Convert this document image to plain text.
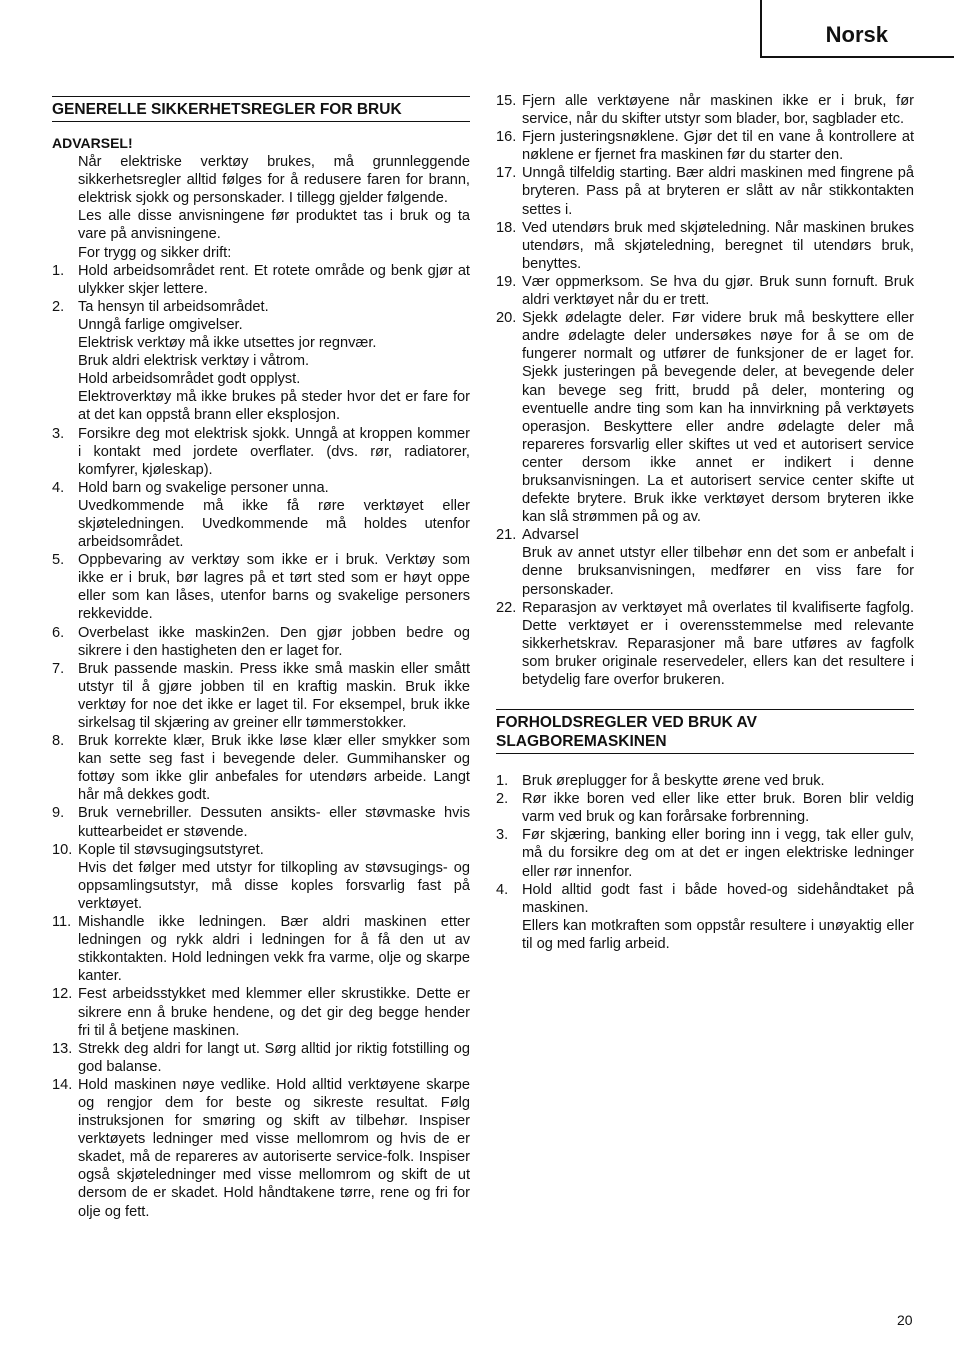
Norsk
GENERELLE SIKKERHETSREGLER FOR BRUK
ADVARSEL!
Når elektriske verktøy brukes, må grunnleggende sikkerhetsregler alltid følges for å redusere faren for brann, elektrisk sjokk og personskader. I tillegg gjelder følgende.
Les alle disse anvisningene før produktet tas i bruk og ta vare på anvisningene.
For trygg og sikker drift:
1. Hold arbeidsområdet rent. Et rotete område og benk gjør at ulykker skjer lettere.
2. Ta hensyn til arbeidsområdet.
Unngå farlige omgivelser.
Elektrisk verktøy må ikke utsettes jor regnvær.
Bruk aldri elektrisk verktøy i våtrom.
Hold arbeidsområdet godt opplyst.
Elektroverktøy må ikke brukes på steder hvor det er fare for at det kan oppstå brann eller eksplosjon.
3. Forsikre deg mot elektrisk sjokk. Unngå at kroppen kommer i kontakt med jordete overflater. (dvs. rør, radiatorer, komfyrer, kjøleskap).
4. Hold barn og svakelige personer unna.
Uvedkommende må ikke få røre verktøyet eller skjøteledningen. Uvedkommende må holdes utenfor arbeidsområdet.
5. Oppbevaring av verktøy som ikke er i bruk. Verktøy som ikke er i bruk, bør lagres på et tørt sted som er høyt oppe eller som kan låses, utenfor barns og svakelige personers rekkevidde.
6. Overbelast ikke maskin2en. Den gjør jobben bedre og sikrere i den hastigheten den er laget for.
7. Bruk passende maskin. Press ikke små maskin eller smått utstyr til å gjøre jobben til en kraftig maskin. Bruk ikke verktøy for noe det ikke er laget til. For eksempel, bruk ikke sirkelsag til skjæring av greiner ellr tømmerstokker.
8. Bruk korrekte klær, Bruk ikke løse klær eller smykker som kan sette seg fast i bevegende deler. Gummihansker og fottøy som ikke glir anbefales for utendørs arbeide. Langt hår må dekkes godt.
9. Bruk vernebriller. Dessuten ansikts- eller støvmaske hvis kuttearbeidet er støvende.
10. Kople til støvsugingsutstyret.
Hvis det følger med utstyr for tilkopling av støvsugings- og oppsamlingsutstyr, må disse koples forsvarlig fast på verktøyet.
11. Mishandle ikke ledningen. Bær aldri maskinen etter ledningen og rykk aldri i ledningen for å få den ut av stikkontakten. Hold ledningen vekk fra varme, olje og skarpe kanter.
12. Fest arbeidsstykket med klemmer eller skrustikke. Dette er sikrere enn å bruke hendene, og det gir deg begge hender fri til å betjene maskinen.
13. Strekk deg aldri for langt ut. Sørg alltid jor riktig fotstilling og god balanse.
14. Hold maskinen nøye vedlike. Hold alltid verktøyene skarpe og rengjor dem for beste og sikreste resultat. Følg instruksjonen for smøring og skift av tilbehør. Inspiser verktøyets ledninger med visse mellomrom og hvis de er skadet, må de repareres av autoriserte service-folk. Inspiser også skjøteledninger med visse mellomrom og skift de ut dersom de er skadet. Hold håndtakene tørre, rene og fri for olje og fett.
15. Fjern alle verktøyene når maskinen ikke er i bruk, før service, når du skifter utstyr som blader, bor, sagblader etc.
16. Fjern justeringsnøklene. Gjør det til en vane å kontrollere at nøklene er fjernet fra maskinen før du starter den.
17. Unngå tilfeldig starting. Bær aldri maskinen med fingrene på bryteren. Pass på at bryteren er slått av når stikkontakten settes i.
18. Ved utendørs bruk med skjøteledning. Når maskinen brukes utendørs, må skjøteledning, beregnet til utendørs bruk, benyttes.
19. Vær oppmerksom. Se hva du gjør. Bruk sunn fornuft. Bruk aldri verktøyet når du er trett.
20. Sjekk ødelagte deler. Før videre bruk må beskyttere eller andre ødelagte deler undersøkes nøye for å se om de fungerer normalt og utfører de funksjoner de er laget for. Sjekk justeringen på bevegende deler, at bevegende deler kan bevege seg fritt, brudd på deler, montering og eventuelle andre ting som kan ha innvirkning på verktøyets operasjon. Beskyttere eller andre ødelagte deler må repareres forsvarlig eller skiftes ut ved et autorisert service center dersom ikke annet er indikert i denne bruksanvisningen. La et autorisert service center skifte ut defekte brytere. Bruk ikke verktøyet dersom bryteren ikke kan slå strømmen på og av.
21. Advarsel
Bruk av annet utstyr eller tilbehør enn det som er anbefalt i denne bruksanvisningen, medfører en viss fare for personskader.
22. Reparasjon av verktøyet må overlates til kvalifiserte fagfolg. Dette verktøyet er i overensstemmelse med relevante sikkerhetskrav. Reparasjoner må bare utføres av fagfolk som bruker originale reservedeler, ellers kan det resultere i betydelig fare overfor brukeren.
FORHOLDSREGLER VED BRUK AV SLAGBOREMASKINEN
1. Bruk øreplugger for å beskytte ørene ved bruk.
2. Rør ikke boren ved eller like etter bruk. Boren blir veldig varm ved bruk og kan forårsake forbrenning.
3. Før skjæring, banking eller boring inn i vegg, tak eller gulv, må du forsikre deg om at det er ingen elektriske ledninger eller rør innenfor.
4. Hold alltid godt fast i både hoved-og sidehåndtaket på maskinen.
Ellers kan motkraften som oppstår resultere i unøyaktig eller til og med farlig arbeid.
20
